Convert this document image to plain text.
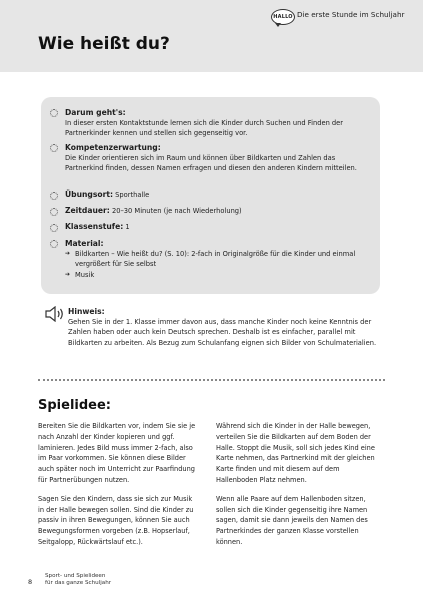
HALLO Die erste Stunde im Schuljahr
Wie heißt du?
Darum geht's:
In dieser ersten Kontaktstunde lernen sich die Kinder durch Suchen und Finden der Partnerkinder kennen und stellen sich gegenseitig vor.
Kompetenzerwartung:
Die Kinder orientieren sich im Raum und können über Bildkarten und Zahlen das Partnerkind finden, dessen Namen erfragen und diesen den anderen Kindern mitteilen.
Übungsort: Sporthalle
Zeitdauer: 20–30 Minuten (je nach Wiederholung)
Klassenstufe: 1
Material:
➔ Bildkarten – Wie heißt du? (S. 10): 2-fach in Originalgröße für die Kinder und einmal vergrößert für Sie selbst
➔ Musik
Hinweis:
Gehen Sie in der 1. Klasse immer davon aus, dass manche Kinder noch keine Kenntnis der Zahlen haben oder auch kein Deutsch sprechen. Deshalb ist es einfacher, parallel mit Bildkarten zu arbeiten. Als Bezug zum Schulanfang eignen sich Bilder von Schulmaterialien.
Spielidee:

Bereiten Sie die Bildkarten vor, indem Sie sie je nach Anzahl der Kinder kopieren und ggf. laminieren. Jedes Bild muss immer 2-fach, also im Paar vorkommen. Sie können diese Bilder auch später noch im Unterricht zur Paarfindung für Partnerübungen nutzen.

Sagen Sie den Kindern, dass sie sich zur Musik in der Halle bewegen sollen. Sind die Kinder zu passiv in ihren Bewegungen, können Sie auch Bewegungsformen vorgeben (z.B. Hopserlauf, Seitgalopp, Rückwärtslauf etc.).

Während sich die Kinder in der Halle bewegen, verteilen Sie die Bildkarten auf dem Boden der Halle. Stoppt die Musik, soll sich jedes Kind eine Karte nehmen, das Partnerkind mit der gleichen Karte finden und mit diesem auf dem Hallenboden Platz nehmen.

Wenn alle Paare auf dem Hallenboden sitzen, sollen sich die Kinder gegenseitig ihre Namen sagen, damit sie dann jeweils den Namen des Partnerkindes der ganzen Klasse vorstellen können.

8
Sport- und Spielideen
für das ganze Schuljahr
